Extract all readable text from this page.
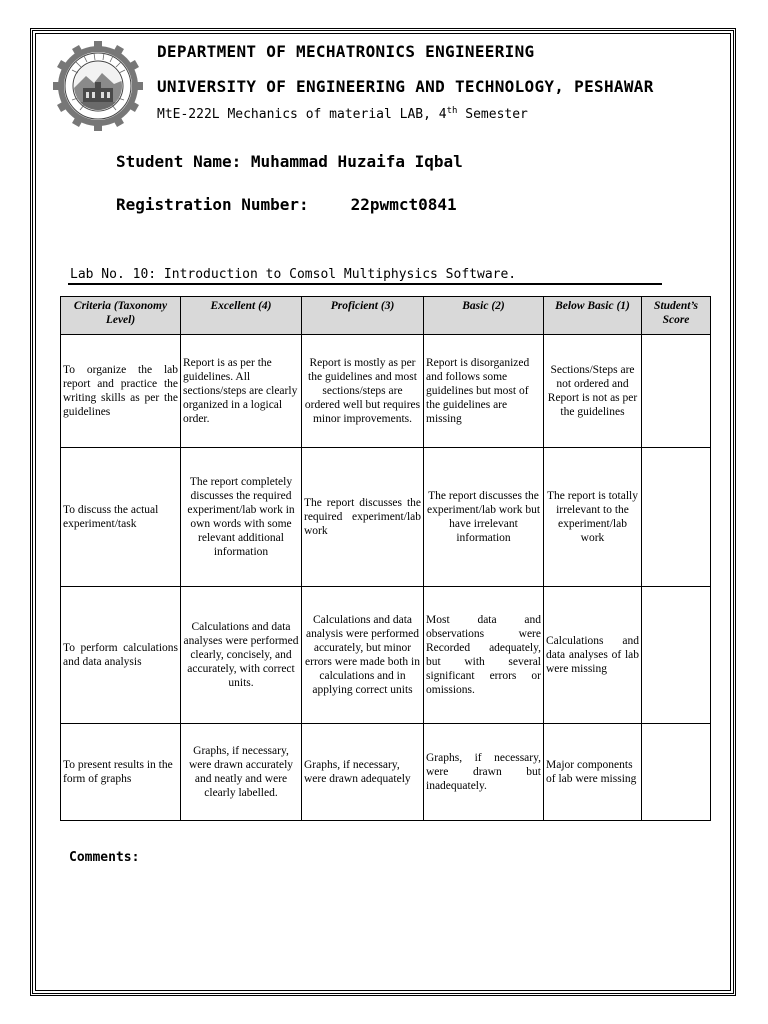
DEPARTMENT OF MECHATRONICS ENGINEERING
UNIVERSITY OF ENGINEERING AND TECHNOLOGY, PESHAWAR
MtE-222L Mechanics of material LAB, 4th Semester
Student Name: Muhammad Huzaifa Iqbal
Registration Number:	22pwmct0841
Lab No. 10: Introduction to Comsol Multiphysics Software.
Criteria (Taxonomy Level)	Excellent (4)	Proficient (3)	Basic (2)	Below Basic (1)	Student’s Score
To organize the lab report and practice the writing skills as per the guidelines	Report is as per the guidelines. All sections/steps are clearly organized in a logical order.	Report is mostly as per the guidelines and most sections/steps are ordered well but requires minor improvements.	Report is disorganized and follows some guidelines but most of the guidelines are missing	Sections/Steps are not ordered and Report is not as per the guidelines	
To discuss the actual experiment/task	The report completely discusses the required experiment/lab work in own words with some relevant additional information	The report discusses the required experiment/lab work	The report discusses the experiment/lab work but have irrelevant information	The report is totally irrelevant to the experiment/lab work	
To perform calculations and data analysis	Calculations and data analyses were performed clearly, concisely, and accurately, with correct units.	Calculations and data analysis were performed accurately, but minor errors were made both in calculations and in applying correct units	Most data and observations were Recorded adequately, but with several significant errors or omissions.	Calculations and data analyses of lab were missing	
To present results in the form of graphs	Graphs, if necessary, were drawn accurately and neatly and were clearly labelled.	Graphs, if necessary, were drawn adequately	Graphs, if necessary, were drawn but inadequately.	Major components of lab were missing	
Comments:
